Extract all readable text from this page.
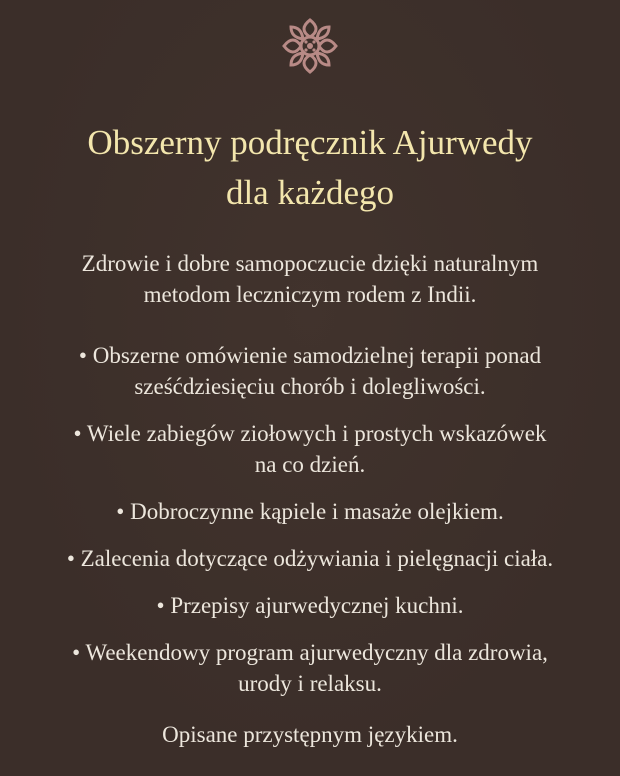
Obszerny podręcznik Ajurwedy
dla każdego
Zdrowie i dobre samopoczucie dzięki naturalnym
metodom leczniczym rodem z Indii.
• Obszerne omówienie samodzielnej terapii ponad
sześćdziesięciu chorób i dolegliwości.
• Wiele zabiegów ziołowych i prostych wskazówek
na co dzień.
• Dobroczynne kąpiele i masaże olejkiem.
• Zalecenia dotyczące odżywiania i pielęgnacji ciała.
• Przepisy ajurwedycznej kuchni.
• Weekendowy program ajurwedyczny dla zdrowia,
urody i relaksu.
Opisane przystępnym językiem.
